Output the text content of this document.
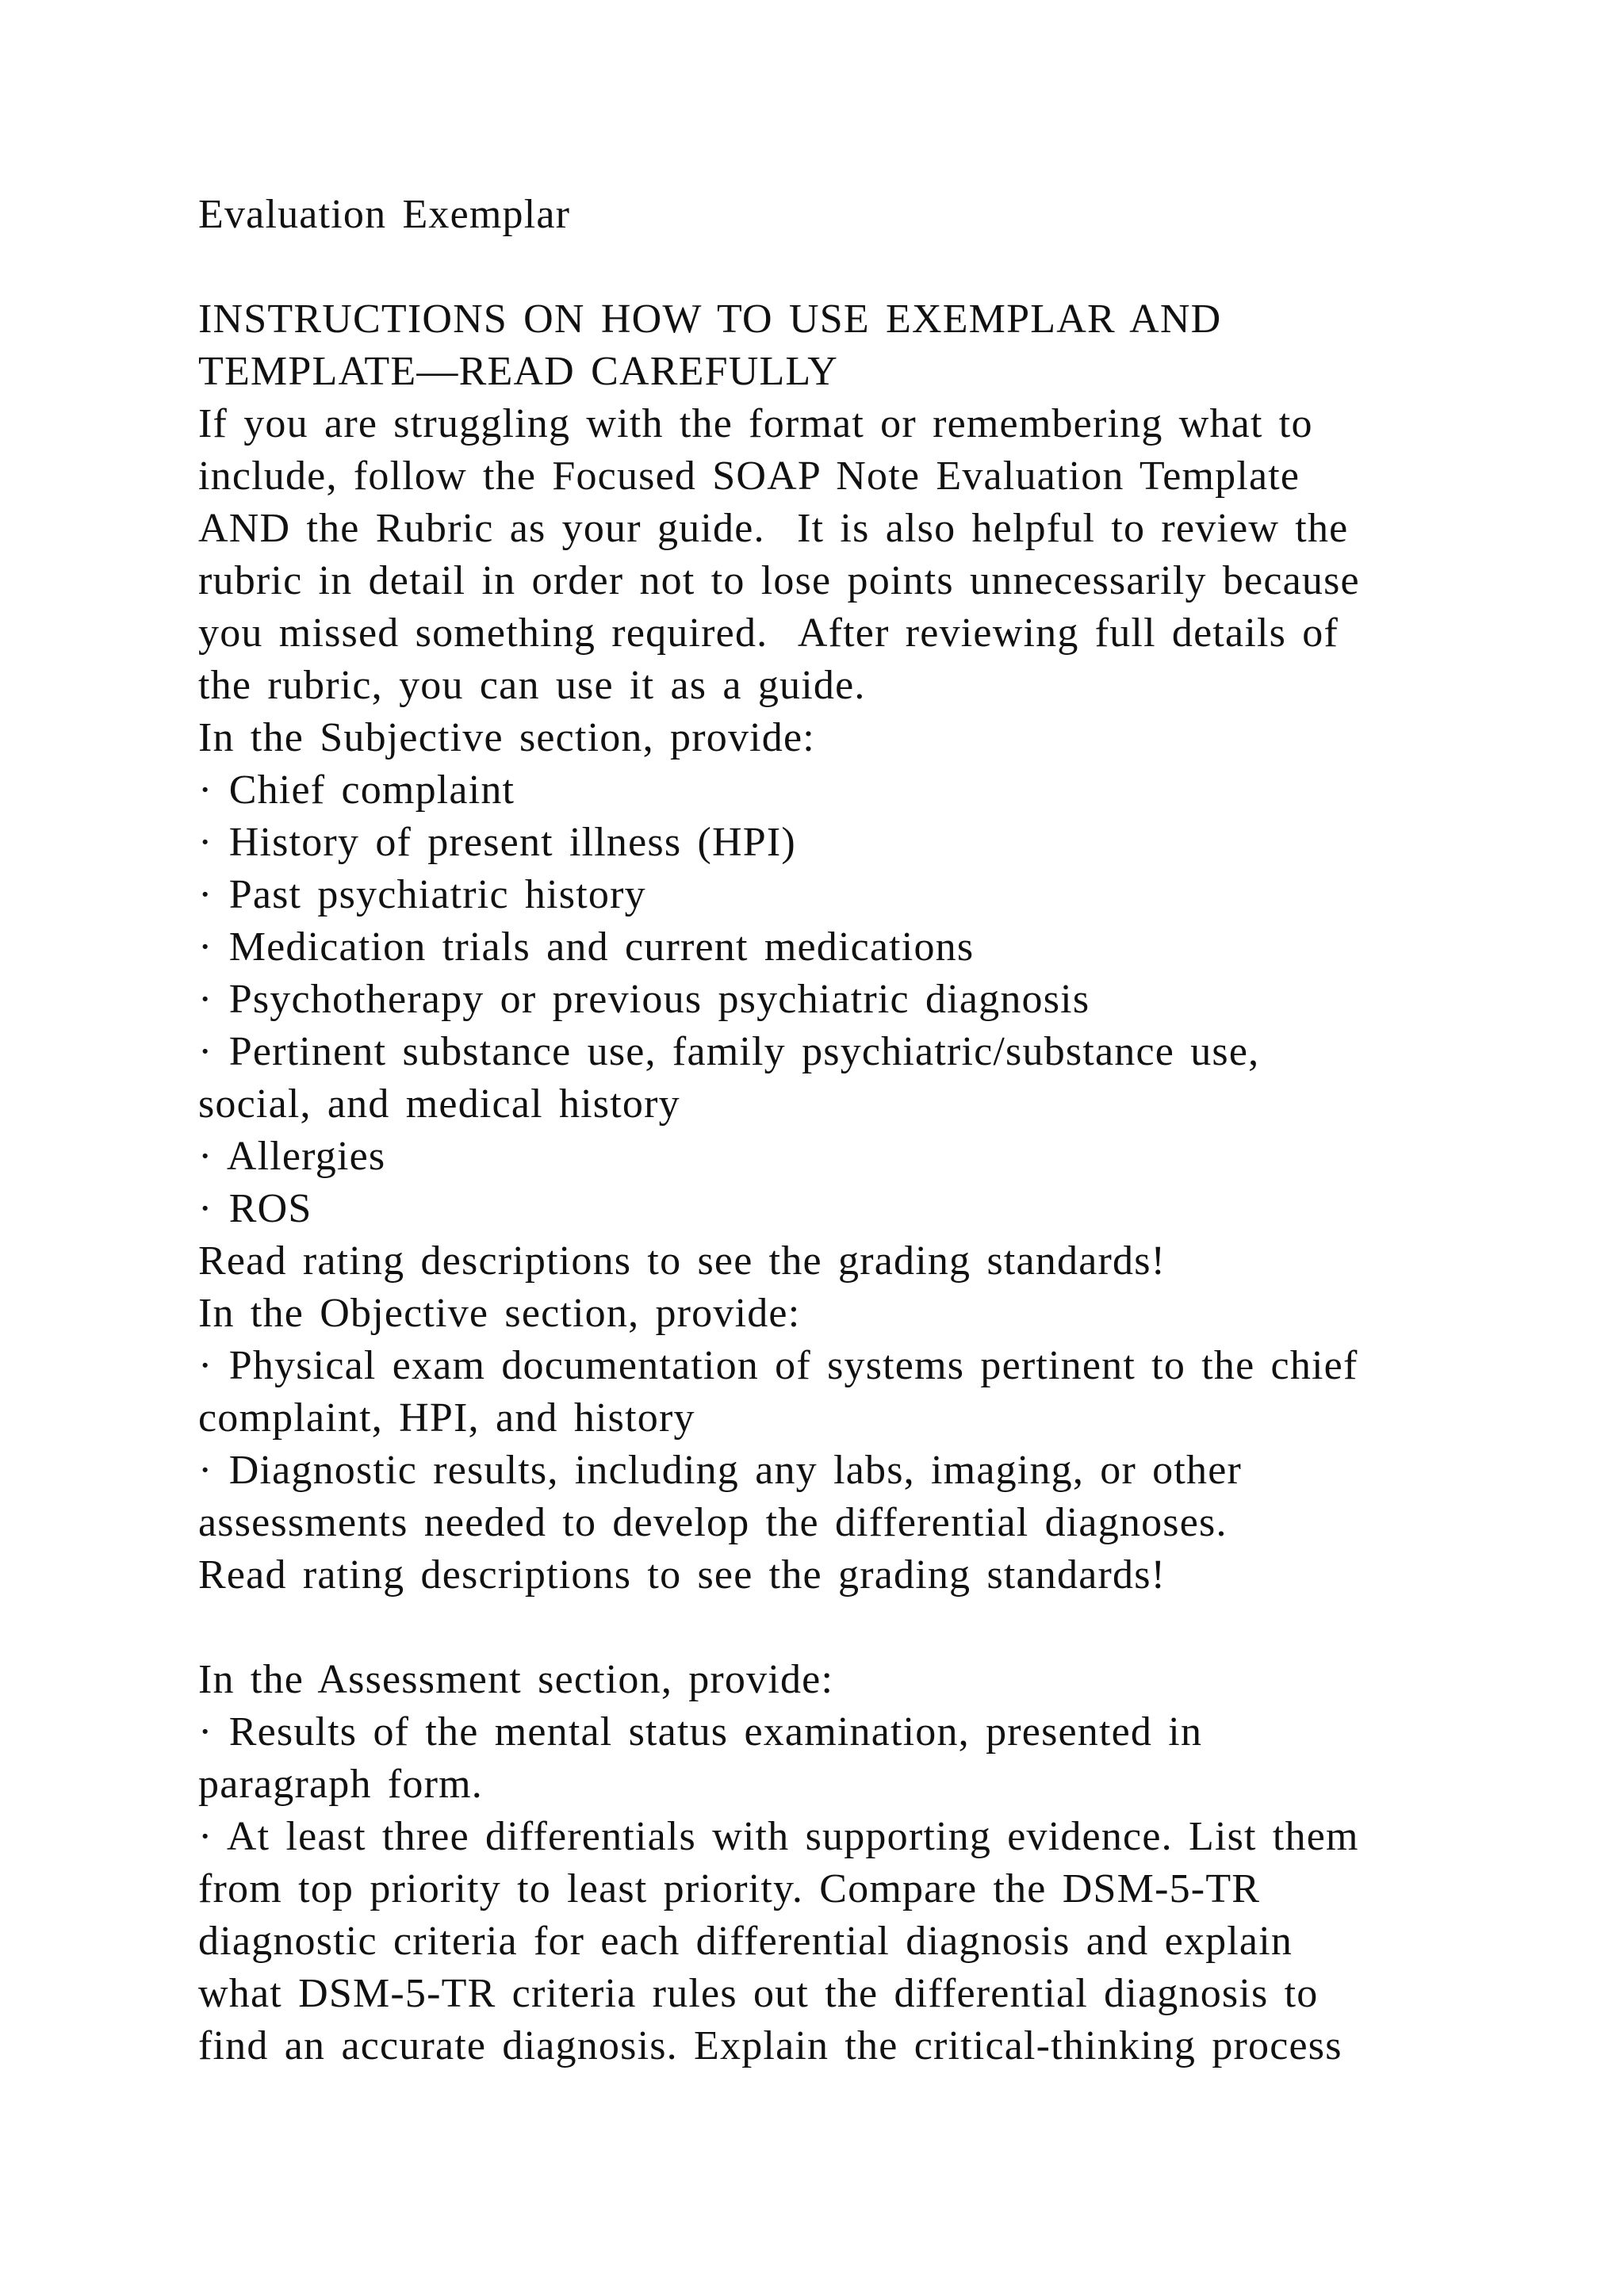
Evaluation Exemplar
INSTRUCTIONS ON HOW TO USE EXEMPLAR AND
TEMPLATE—READ CAREFULLY
If you are struggling with the format or remembering what to
include, follow the Focused SOAP Note Evaluation Template
AND the Rubric as your guide.  It is also helpful to review the
rubric in detail in order not to lose points unnecessarily because
you missed something required.  After reviewing full details of
the rubric, you can use it as a guide.
In the Subjective section, provide:
· Chief complaint
· History of present illness (HPI)
· Past psychiatric history
· Medication trials and current medications
· Psychotherapy or previous psychiatric diagnosis
· Pertinent substance use, family psychiatric/substance use,
social, and medical history
· Allergies
· ROS
Read rating descriptions to see the grading standards!
In the Objective section, provide:
· Physical exam documentation of systems pertinent to the chief
complaint, HPI, and history
· Diagnostic results, including any labs, imaging, or other
assessments needed to develop the differential diagnoses.
Read rating descriptions to see the grading standards!
In the Assessment section, provide:
· Results of the mental status examination, presented in
paragraph form.
· At least three differentials with supporting evidence. List them
from top priority to least priority. Compare the DSM-5-TR
diagnostic criteria for each differential diagnosis and explain
what DSM-5-TR criteria rules out the differential diagnosis to
find an accurate diagnosis. Explain the critical-thinking process
